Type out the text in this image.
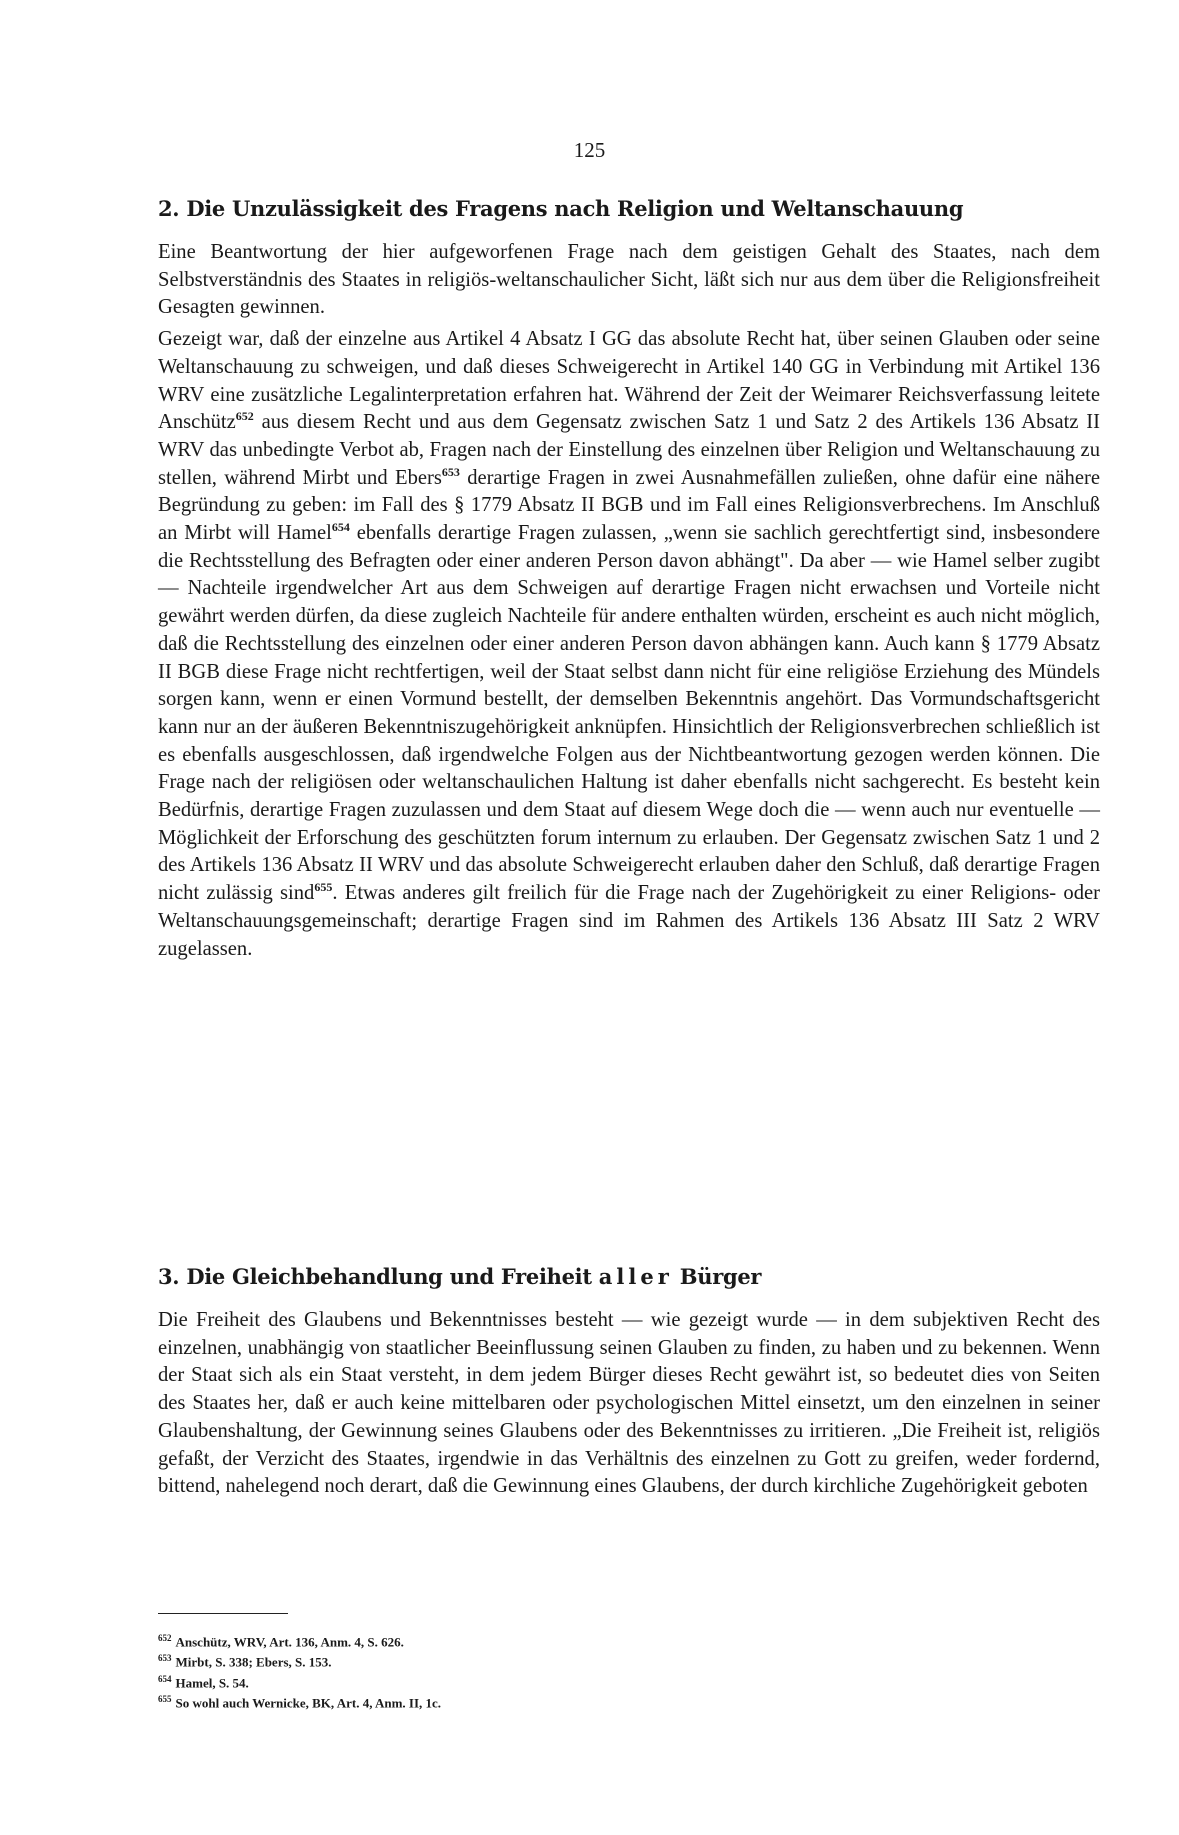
125
2. Die Unzulässigkeit des Fragens nach Religion und Weltanschauung

Eine Beantwortung der hier aufgeworfenen Frage nach dem geistigen Gehalt des Staates, nach dem Selbstverständnis des Staates in religiös-weltanschaulicher Sicht, läßt sich nur aus dem über die Religionsfreiheit Gesagten gewinnen.

Gezeigt war, daß der einzelne aus Artikel 4 Absatz I GG das absolute Recht hat, über seinen Glauben oder seine Weltanschauung zu schweigen, und daß dieses Schweigerecht in Artikel 140 GG in Verbindung mit Artikel 136 WRV eine zusätzliche Legalinterpretation erfahren hat. Während der Zeit der Weimarer Reichsverfassung leitete Anschütz$^{652}$ aus diesem Recht und aus dem Gegensatz zwischen Satz 1 und Satz 2 des Artikels 136 Absatz II WRV das unbedingte Verbot ab, Fragen nach der Einstellung des einzelnen über Religion und Weltanschauung zu stellen, während Mirbt und Ebers$^{653}$ derartige Fragen in zwei Ausnahmefällen zuließen, ohne dafür eine nähere Begründung zu geben: im Fall des § 1779 Absatz II BGB und im Fall eines Religionsverbrechens. Im Anschluß an Mirbt will Hamel$^{654}$ ebenfalls derartige Fragen zulassen, „wenn sie sachlich gerechtfertigt sind, insbesondere die Rechtsstellung des Befragten oder einer anderen Person davon abhängt". Da aber — wie Hamel selber zugibt — Nachteile irgendwelcher Art aus dem Schweigen auf derartige Fragen nicht erwachsen und Vorteile nicht gewährt werden dürfen, da diese zugleich Nachteile für andere enthalten würden, erscheint es auch nicht möglich, daß die Rechtsstellung des einzelnen oder einer anderen Person davon abhängen kann. Auch kann § 1779 Absatz II BGB diese Frage nicht rechtfertigen, weil der Staat selbst dann nicht für eine religiöse Erziehung des Mündels sorgen kann, wenn er einen Vormund bestellt, der demselben Bekenntnis angehört. Das Vormundschaftsgericht kann nur an der äußeren Bekenntniszugehörigkeit anknüpfen. Hinsichtlich der Religionsverbrechen schließlich ist es ebenfalls ausgeschlossen, daß irgendwelche Folgen aus der Nichtbeantwortung gezogen werden können. Die Frage nach der religiösen oder weltanschaulichen Haltung ist daher ebenfalls nicht sachgerecht. Es besteht kein Bedürfnis, derartige Fragen zuzulassen und dem Staat auf diesem Wege doch die — wenn auch nur eventuelle — Möglichkeit der Erforschung des geschützten forum internum zu erlauben. Der Gegensatz zwischen Satz 1 und 2 des Artikels 136 Absatz II WRV und das absolute Schweigerecht erlauben daher den Schluß, daß derartige Fragen nicht zulässig sind$^{655}$. Etwas anderes gilt freilich für die Frage nach der Zugehörigkeit zu einer Religions- oder Weltanschauungsgemeinschaft; derartige Fragen sind im Rahmen des Artikels 136 Absatz III Satz 2 WRV zugelassen.

3. Die Gleichbehandlung und Freiheit aller Bürger

Die Freiheit des Glaubens und Bekenntnisses besteht — wie gezeigt wurde — in dem subjektiven Recht des einzelnen, unabhängig von staatlicher Beeinflussung seinen Glauben zu finden, zu haben und zu bekennen. Wenn der Staat sich als ein Staat versteht, in dem jedem Bürger dieses Recht gewährt ist, so bedeutet dies von Seiten des Staates her, daß er auch keine mittelbaren oder psychologischen Mittel einsetzt, um den einzelnen in seiner Glaubenshaltung, der Gewinnung seines Glaubens oder des Bekenntnisses zu irritieren. „Die Freiheit ist, religiös gefaßt, der Verzicht des Staates, irgendwie in das Verhältnis des einzelnen zu Gott zu greifen, weder fordernd, bittend, nahelegend noch derart, daß die Gewinnung eines Glaubens, der durch kirchliche Zugehörigkeit geboten

$^{652}$ Anschütz, WRV, Art. 136, Anm. 4, S. 626.
$^{653}$ Mirbt, S. 338; Ebers, S. 153.
$^{654}$ Hamel, S. 54.
$^{655}$ So wohl auch Wernicke, BK, Art. 4, Anm. II, 1c.
